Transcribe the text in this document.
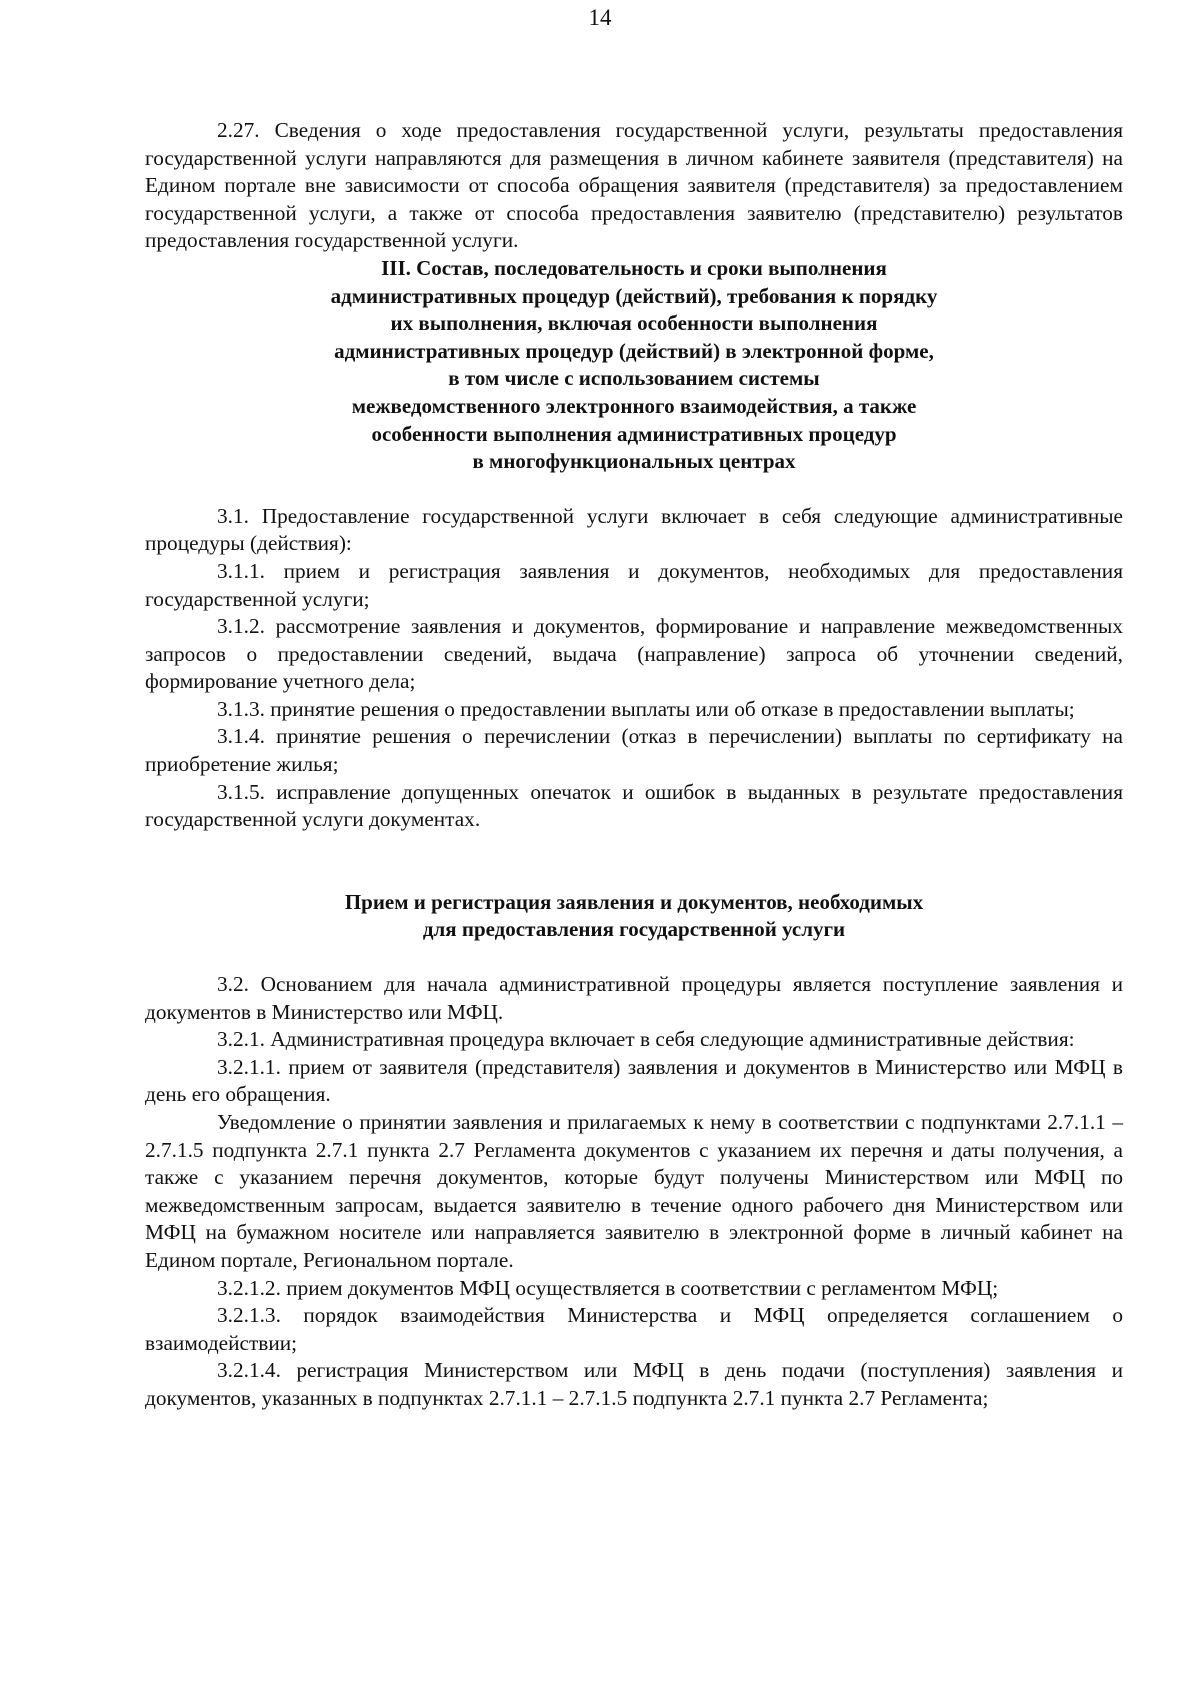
14

2.27. Сведения о ходе предоставления государственной услуги, результаты предоставления государственной услуги направляются для размещения в личном кабинете заявителя (представителя) на Едином портале вне зависимости от способа обращения заявителя (представителя) за предоставлением государственной услуги, а также от способа предоставления заявителю (представителю) результатов предоставления государственной услуги.

III. Состав, последовательность и сроки выполнения
административных процедур (действий), требования к порядку
их выполнения, включая особенности выполнения
административных процедур (действий) в электронной форме,
в том числе с использованием системы
межведомственного электронного взаимодействия, а также
особенности выполнения административных процедур
в многофункциональных центрах

3.1. Предоставление государственной услуги включает в себя следующие административные процедуры (действия):

3.1.1. прием и регистрация заявления и документов, необходимых для предоставления государственной услуги;

3.1.2. рассмотрение заявления и документов, формирование и направление межведомственных запросов о предоставлении сведений, выдача (направление) запроса об уточнении сведений, формирование учетного дела;

3.1.3. принятие решения о предоставлении выплаты или об отказе в предоставлении выплаты;

3.1.4. принятие решения о перечислении (отказ в перечислении) выплаты по сертификату на приобретение жилья;

3.1.5. исправление допущенных опечаток и ошибок в выданных в результате предоставления государственной услуги документах.

Прием и регистрация заявления и документов, необходимых
для предоставления государственной услуги

3.2. Основанием для начала административной процедуры является поступление заявления и документов в Министерство или МФЦ.

3.2.1. Административная процедура включает в себя следующие административные действия:

3.2.1.1. прием от заявителя (представителя) заявления и документов в Министерство или МФЦ в день его обращения.

Уведомление о принятии заявления и прилагаемых к нему в соответствии с подпунктами 2.7.1.1 – 2.7.1.5 подпункта 2.7.1 пункта 2.7 Регламента документов с указанием их перечня и даты получения, а также с указанием перечня документов, которые будут получены Министерством или МФЦ по межведомственным запросам, выдается заявителю в течение одного рабочего дня Министерством или МФЦ на бумажном носителе или направляется заявителю в электронной форме в личный кабинет на Едином портале, Региональном портале.

3.2.1.2. прием документов МФЦ осуществляется в соответствии с регламентом МФЦ;

3.2.1.3. порядок взаимодействия Министерства и МФЦ определяется соглашением о взаимодействии;

3.2.1.4. регистрация Министерством или МФЦ в день подачи (поступления) заявления и документов, указанных в подпунктах 2.7.1.1 – 2.7.1.5 подпункта 2.7.1 пункта 2.7 Регламента;
